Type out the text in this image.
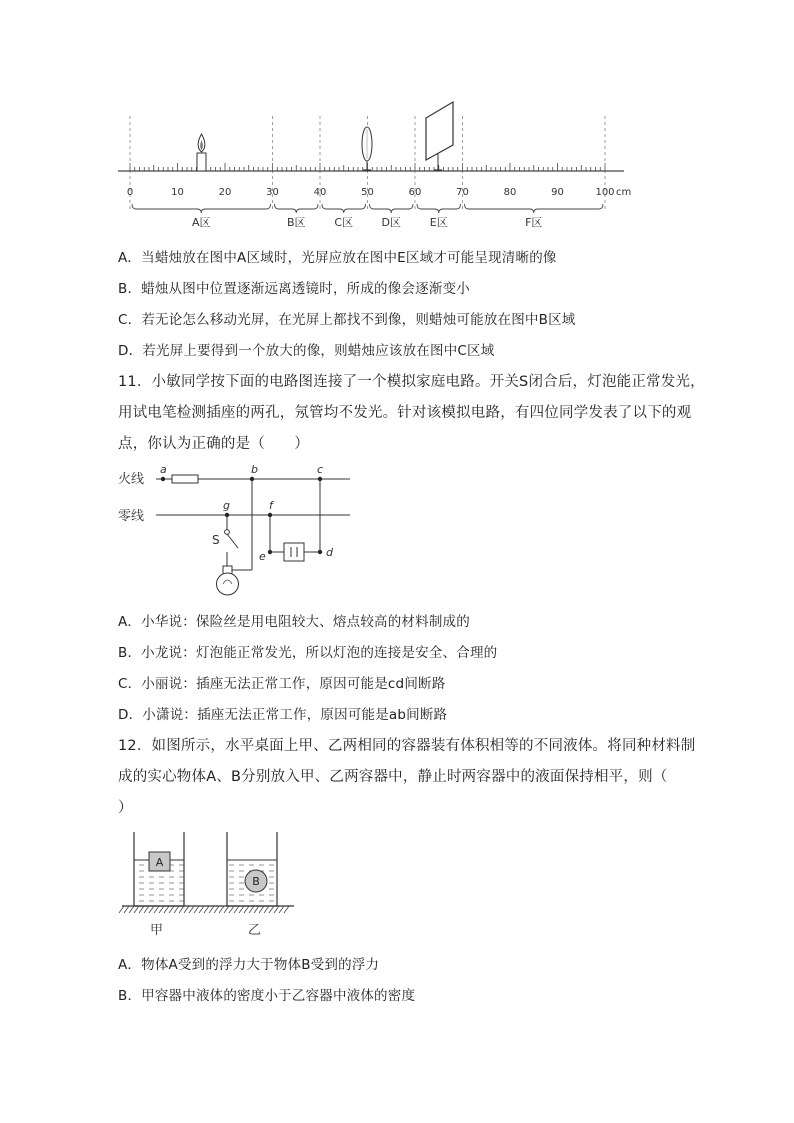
0	10	20	30	40	50	60	70	80	90	100 cm
A区	B区	C区	D区	E区	F区
A．当蜡烛放在图中A区域时，光屏应放在图中E区域才可能呈现清晰的像
B．蜡烛从图中位置逐渐远离透镜时，所成的像会逐渐变小
C．若无论怎么移动光屏，在光屏上都找不到像，则蜡烛可能放在图中B区域
D．若光屏上要得到一个放大的像，则蜡烛应该放在图中C区域
11．小敏同学按下面的电路图连接了一个模拟家庭电路。开关S闭合后，灯泡能正常发光，
用试电笔检测插座的两孔，氖管均不发光。针对该模拟电路，有四位同学发表了以下的观
点，你认为正确的是（　　）
火线
零线
a	b	c
g	f
e	d
S
A．小华说：保险丝是用电阻较大、熔点较高的材料制成的
B．小龙说：灯泡能正常发光，所以灯泡的连接是安全、合理的
C．小丽说：插座无法正常工作，原因可能是cd间断路
D．小潇说：插座无法正常工作，原因可能是ab间断路
12．如图所示，水平桌面上甲、乙两相同的容器装有体积相等的不同液体。将同种材料制
成的实心物体A、B分别放入甲、乙两容器中，静止时两容器中的液面保持相平，则（
）
A
B
甲	乙
A．物体A受到的浮力大于物体B受到的浮力
B．甲容器中液体的密度小于乙容器中液体的密度
